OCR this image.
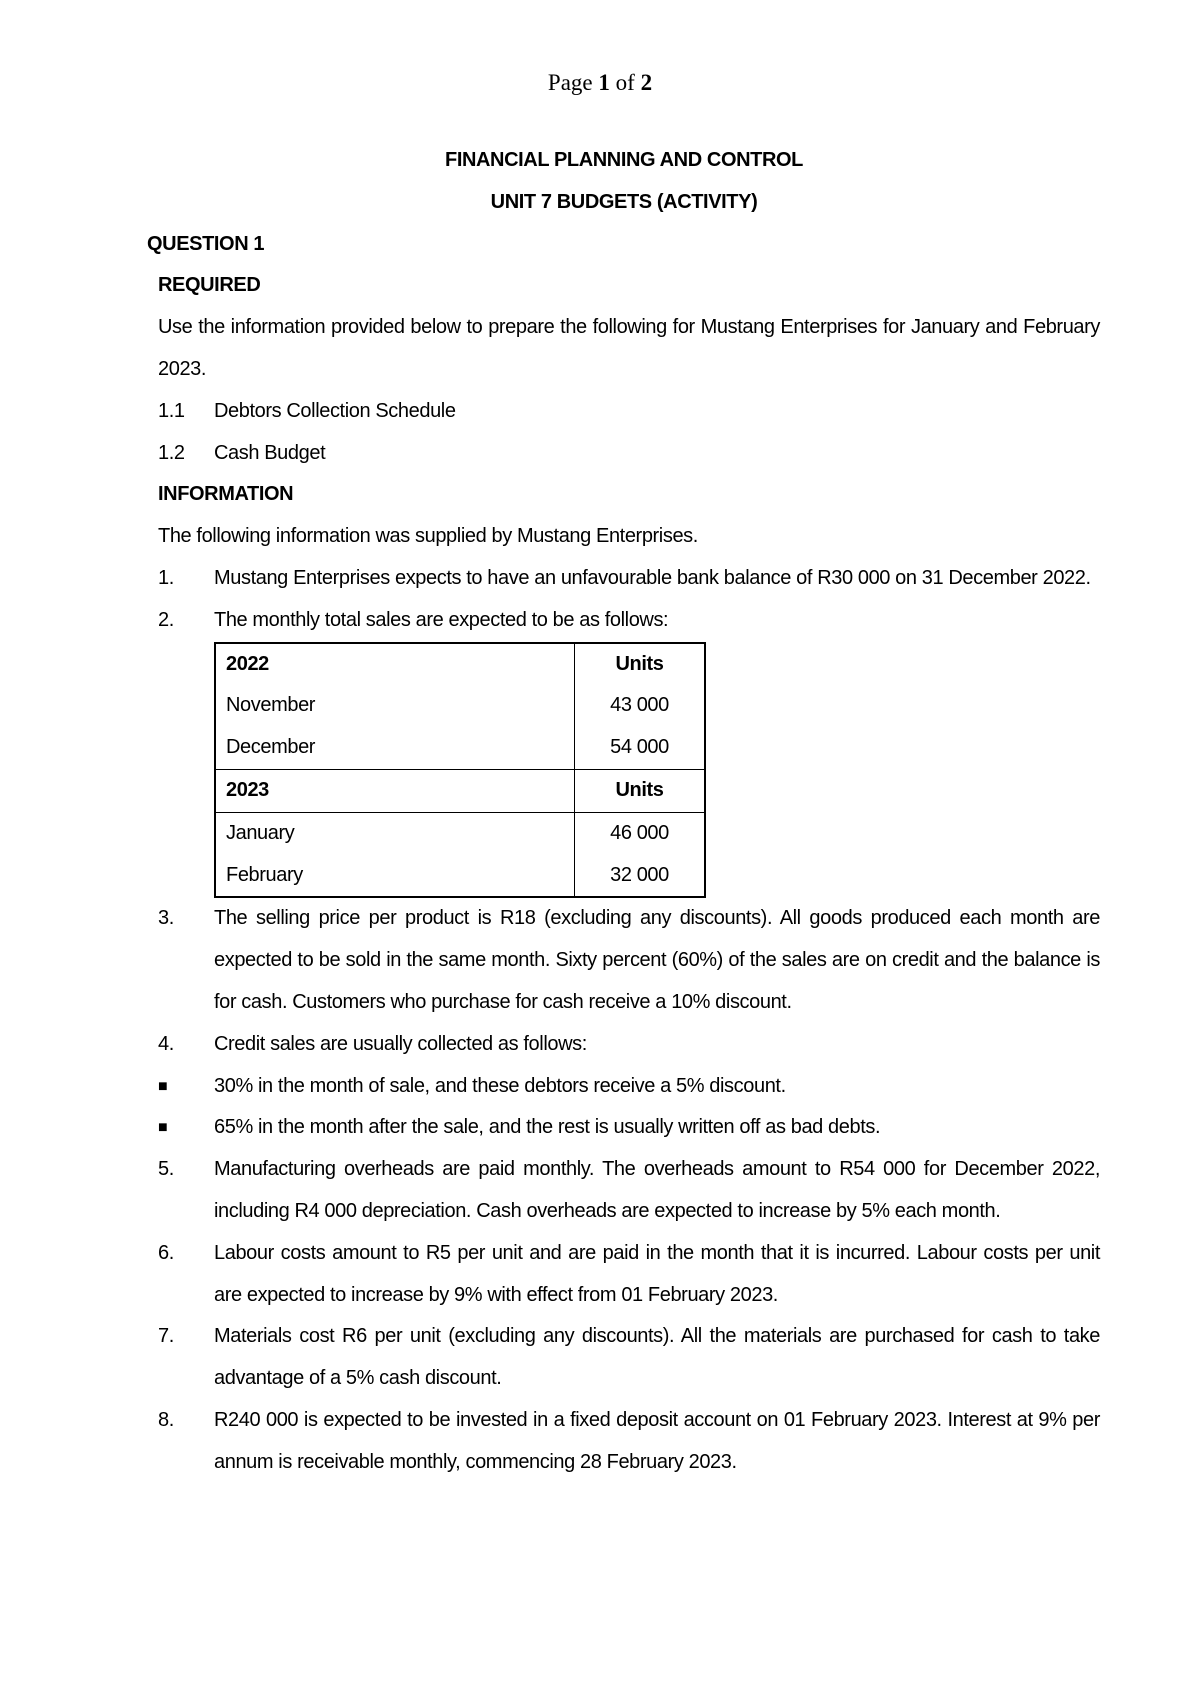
Page 1 of 2
FINANCIAL PLANNING AND CONTROL
UNIT 7 BUDGETS (ACTIVITY)
QUESTION 1
REQUIRED
Use the information provided below to prepare the following for Mustang Enterprises for January and February 2023.
1.1	Debtors Collection Schedule
1.2	Cash Budget
INFORMATION
The following information was supplied by Mustang Enterprises.
1.	Mustang Enterprises expects to have an unfavourable bank balance of R30 000 on 31 December 2022.
2.	The monthly total sales are expected to be as follows:
2022	Units
November	43 000
December	54 000
2023	Units
January	46 000
February	32 000
3.	The selling price per product is R18 (excluding any discounts). All goods produced each month are expected to be sold in the same month. Sixty percent (60%) of the sales are on credit and the balance is for cash. Customers who purchase for cash receive a 10% discount.
4.	Credit sales are usually collected as follows:
■	30% in the month of sale, and these debtors receive a 5% discount.
■	65% in the month after the sale, and the rest is usually written off as bad debts.
5.	Manufacturing overheads are paid monthly. The overheads amount to R54 000 for December 2022, including R4 000 depreciation. Cash overheads are expected to increase by 5% each month.
6.	Labour costs amount to R5 per unit and are paid in the month that it is incurred. Labour costs per unit are expected to increase by 9% with effect from 01 February 2023.
7.	Materials cost R6 per unit (excluding any discounts). All the materials are purchased for cash to take advantage of a 5% cash discount.
8.	R240 000 is expected to be invested in a fixed deposit account on 01 February 2023. Interest at 9% per annum is receivable monthly, commencing 28 February 2023.
